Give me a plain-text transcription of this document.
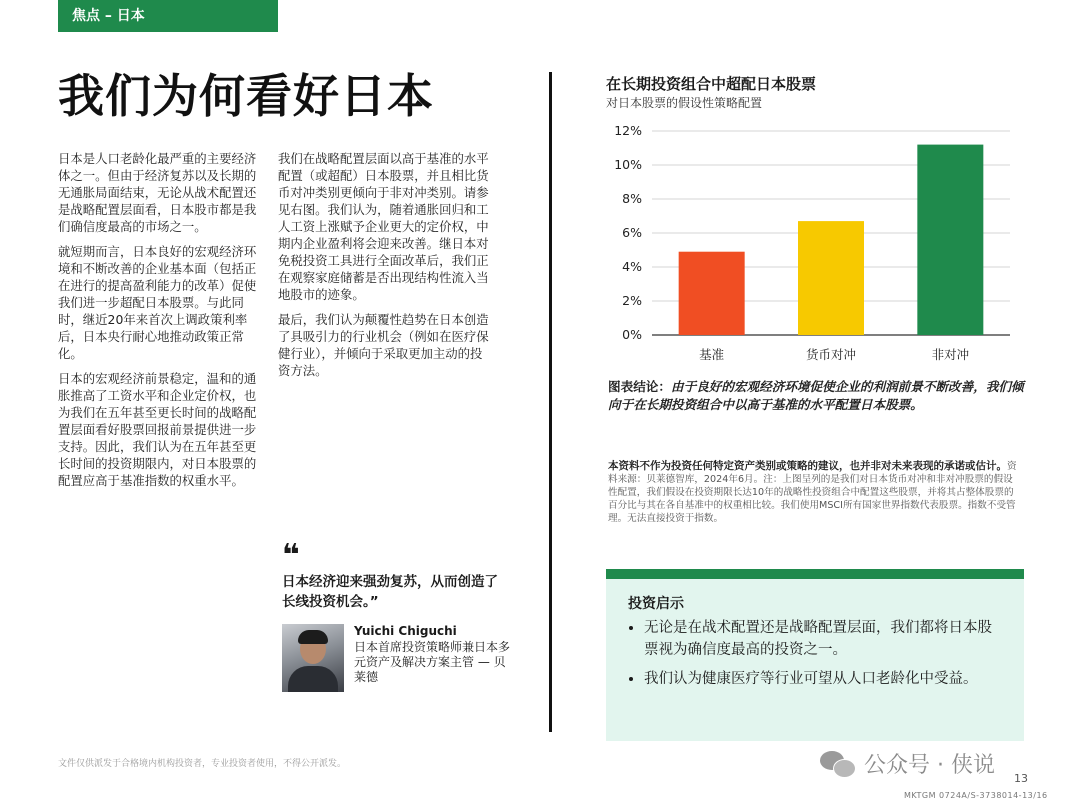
焦点 – 日本
我们为何看好日本

日本是人口老龄化最严重的主要经济体之一。但由于经济复苏以及长期的无通胀局面结束，无论从战术配置还是战略配置层面看，日本股市都是我们确信度最高的市场之一。

就短期而言，日本良好的宏观经济环境和不断改善的企业基本面（包括正在进行的提高盈利能力的改革）促使我们进一步超配日本股票。与此同时，继近20年来首次上调政策利率后，日本央行耐心地推动政策正常化。

日本的宏观经济前景稳定，温和的通胀推高了工资水平和企业定价权，也为我们在五年甚至更长时间的战略配置层面看好股票回报前景提供进一步支持。因此，我们认为在五年甚至更长时间的投资期限内，对日本股票的配置应高于基准指数的权重水平。

我们在战略配置层面以高于基准的水平配置（或超配）日本股票，并且相比货币对冲类别更倾向于非对冲类别。请参见右图。我们认为，随着通胀回归和工人工资上涨赋予企业更大的定价权，中期内企业盈利将会迎来改善。继日本对免税投资工具进行全面改革后，我们正在观察家庭储蓄是否出现结构性流入当地股市的迹象。

最后，我们认为颠覆性趋势在日本创造了具吸引力的行业机会（例如在医疗保健行业），并倾向于采取更加主动的投资方法。

❝
日本经济迎来强劲复苏，从而创造了长线投资机会。”
Yuichi Chiguchi
日本首席投资策略师兼日本多元资产及解决方案主管 — 贝莱德
在长期投资组合中超配日本股票
对日本股票的假设性策略配置
0%
2%
4%
6%
8%
10%
12%
基准	货币对冲	非对冲
图表结论：由于良好的宏观经济环境促使企业的利润前景不断改善，我们倾向于在长期投资组合中以高于基准的水平配置日本股票。
本资料不作为投资任何特定资产类别或策略的建议，也并非对未来表现的承诺或估计。资料来源：贝莱德智库，2024年6月。注：上图呈列的是我们对日本货币对冲和非对冲股票的假设性配置，我们假设在投资期限长达10年的战略性投资组合中配置这些股票，并将其占整体股票的百分比与其在各自基准中的权重相比较。我们使用MSCI所有国家世界指数代表股票。指数不受管理。无法直接投资于指数。
投资启示
• 无论是在战术配置还是战略配置层面，我们都将日本股票视为确信度最高的投资之一。
• 我们认为健康医疗等行业可望从人口老龄化中受益。
文件仅供派发于合格境内机构投资者，专业投资者使用，不得公开派发。	公众号 · 侠说
13
MKTGM 0724A/S-3738014-13/16
